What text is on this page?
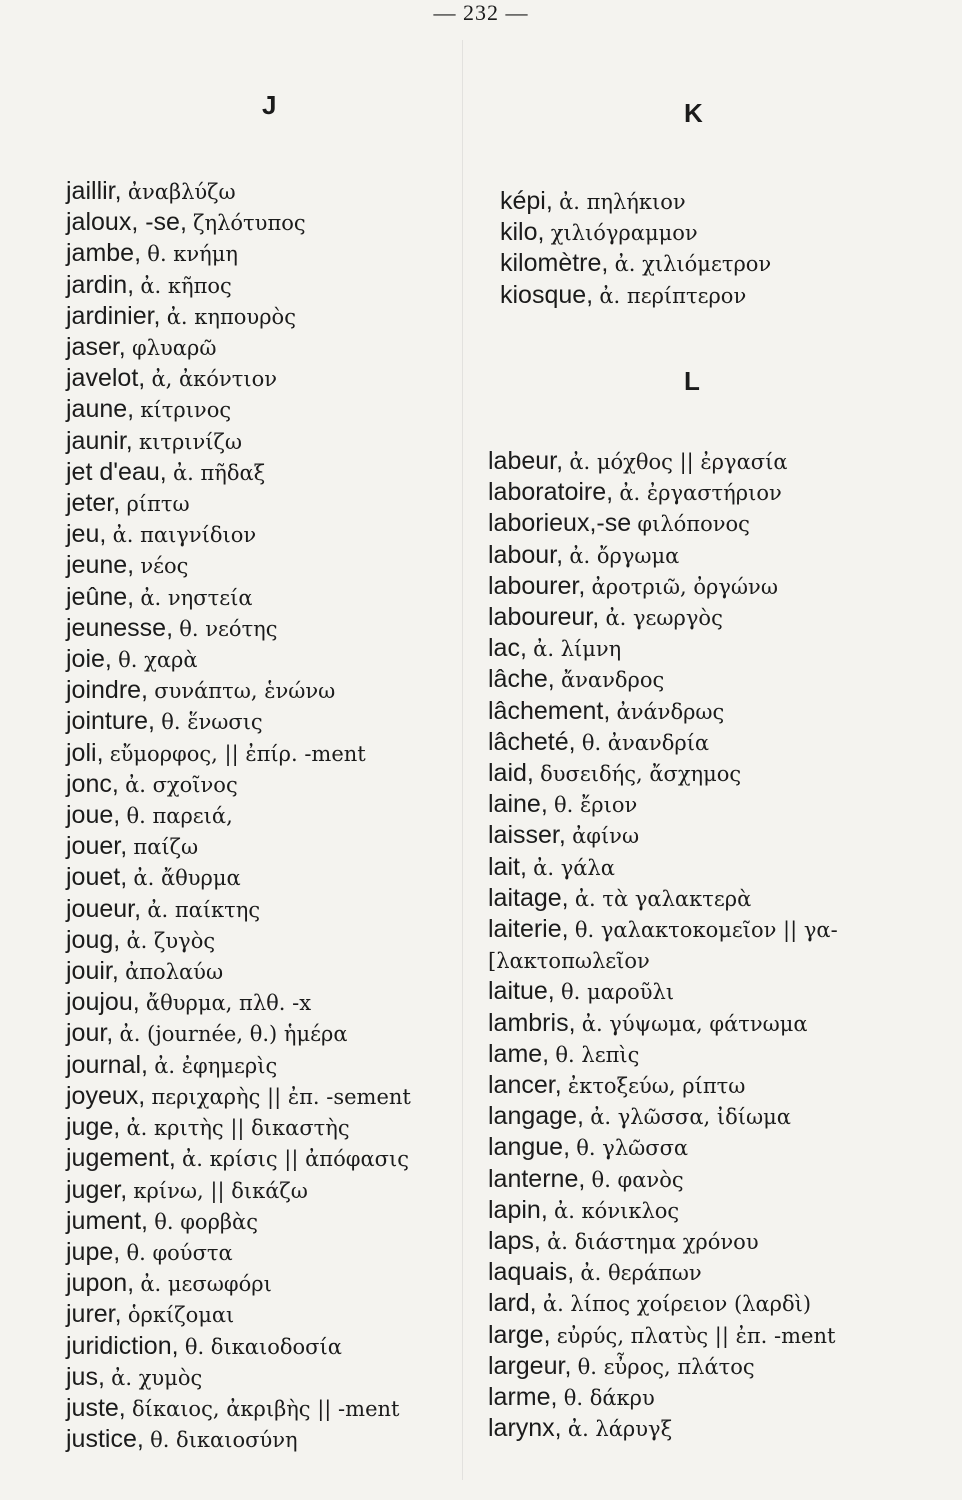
— 232 —
J
jaillir, ἀναβλύζω
jaloux, -se, ζηλότυπος
jambe, θ. κνήμη
jardin, ἀ. κῆπος
jardinier, ἀ. κηπουρὸς
jaser, φλυαρῶ
javelot, ἀ, ἀκόντιον
jaune, κίτρινος
jaunir, κιτρινίζω
jet d'eau, ἀ. πῆδαξ
jeter, ρίπτω
jeu, ἀ. παιγνίδιον
jeune, νέος
jeûne, ἀ. νηστεία
jeunesse, θ. νεότης
joie, θ. χαρὰ
joindre, συνάπτω, ἑνώνω
jointure, θ. ἕνωσις
joli, εὔμορφος, || ἐπίρ. -ment
jonc, ἀ. σχοῖνος
joue, θ. παρειά,
jouer, παίζω
jouet, ἀ. ἄθυρμα
joueur, ἀ. παίκτης
joug, ἀ. ζυγὸς
jouir, ἀπολαύω
joujou, ἄθυρμα, πλθ. -x
jour, ἀ. (journée, θ.) ἡμέρα
journal, ἀ. ἐφημερὶς
joyeux, περιχαρὴς || ἐπ. -sement
juge, ἀ. κριτὴς || δικαστὴς
jugement, ἀ. κρίσις || ἀπόφασις
juger, κρίνω, || δικάζω
jument, θ. φορβὰς
jupe, θ. φούστα
jupon, ἀ. μεσωφόρι
jurer, ὁρκίζομαι
juridiction, θ. δικαιοδοσία
jus, ἀ. χυμὸς
juste, δίκαιος, ἀκριβὴς || -ment
justice, θ. δικαιοσύνη
K
képi, ἀ. πηλήκιον
kilo, χιλιόγραμμον
kilomètre, ἀ. χιλιόμετρον
kiosque, ἀ. περίπτερον
L
labeur, ἀ. μόχθος || ἐργασία
laboratoire, ἀ. ἐργαστήριον
laborieux,-se φιλόπονος
labour, ἀ. ὄργωμα
labourer, ἀροτριῶ, ὀργώνω
laboureur, ἀ. γεωργὸς
lac, ἀ. λίμνη
lâche, ἄνανδρος
lâchement, ἀνάνδρως
lâcheté, θ. ἀνανδρία
laid, δυσειδής, ἄσχημος
laine, θ. ἔριον
laisser, ἀφίνω
lait, ἀ. γάλα
laitage, ἀ. τὰ γαλακτερὰ
laiterie, θ. γαλακτοκομεῖον || γα-
[λακτοπωλεῖον
laitue, θ. μαροῦλι
lambris, ἀ. γύψωμα, φάτνωμα
lame, θ. λεπὶς
lancer, ἐκτοξεύω, ρίπτω
langage, ἀ. γλῶσσα, ἰδίωμα
langue, θ. γλῶσσα
lanterne, θ. φανὸς
lapin, ἀ. κόνικλος
laps, ἀ. διάστημα χρόνου
laquais, ἀ. θεράπων
lard, ἀ. λίπος χοίρειον (λαρδὶ)
large, εὐρύς, πλατὺς || ἐπ. -ment
largeur, θ. εὖρος, πλάτος
larme, θ. δάκρυ
larynx, ἀ. λάρυγξ
